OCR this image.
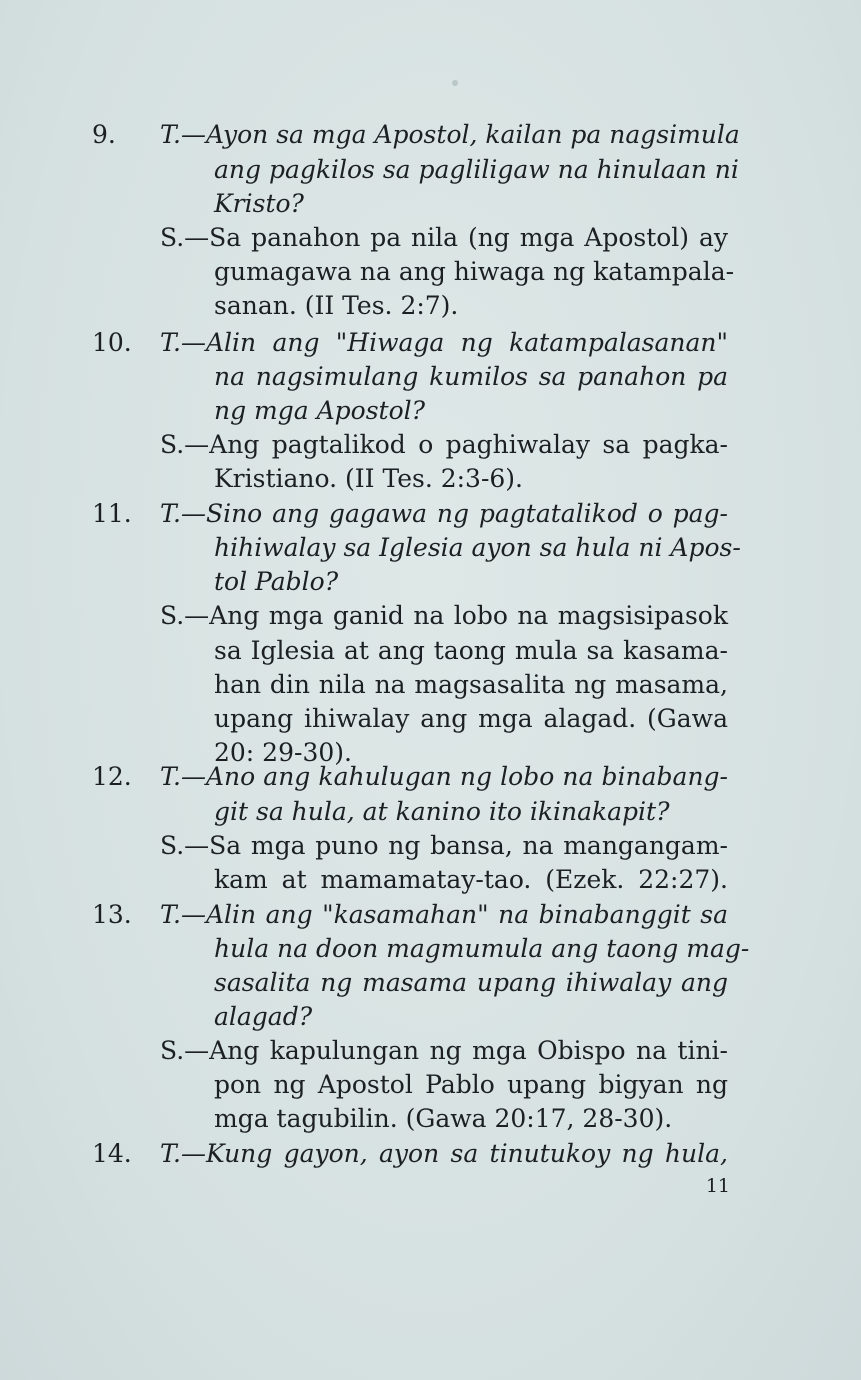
9. T.—Ayon sa mga Apostol, kailan pa nagsimula
ang pagkilos sa pagliligaw na hinulaan ni
Kristo?
S.—Sa panahon pa nila (ng mga Apostol) ay
gumagawa na ang hiwaga ng katampala-
sanan. (II Tes. 2:7).
10. T.—Alin ang "Hiwaga ng katampalasanan"
na nagsimulang kumilos sa panahon pa
ng mga Apostol?
S.—Ang pagtalikod o paghiwalay sa pagka-
Kristiano. (II Tes. 2:3-6).
11. T.—Sino ang gagawa ng pagtatalikod o pag-
hihiwalay sa Iglesia ayon sa hula ni Apos-
tol Pablo?
S.—Ang mga ganid na lobo na magsisipasok
sa Iglesia at ang taong mula sa kasama-
han din nila na magsasalita ng masama,
upang ihiwalay ang mga alagad. (Gawa
20: 29-30).
12. T.—Ano ang kahulugan ng lobo na binabang-
git sa hula, at kanino ito ikinakapit?
S.—Sa mga puno ng bansa, na mangangam-
kam at mamamatay-tao. (Ezek. 22:27).
13. T.—Alin ang "kasamahan" na binabanggit sa
hula na doon magmumula ang taong mag-
sasalita ng masama upang ihiwalay ang
alagad?
S.—Ang kapulungan ng mga Obispo na tini-
pon ng Apostol Pablo upang bigyan ng
mga tagubilin. (Gawa 20:17, 28-30).
14. T.—Kung gayon, ayon sa tinutukoy ng hula,
11
